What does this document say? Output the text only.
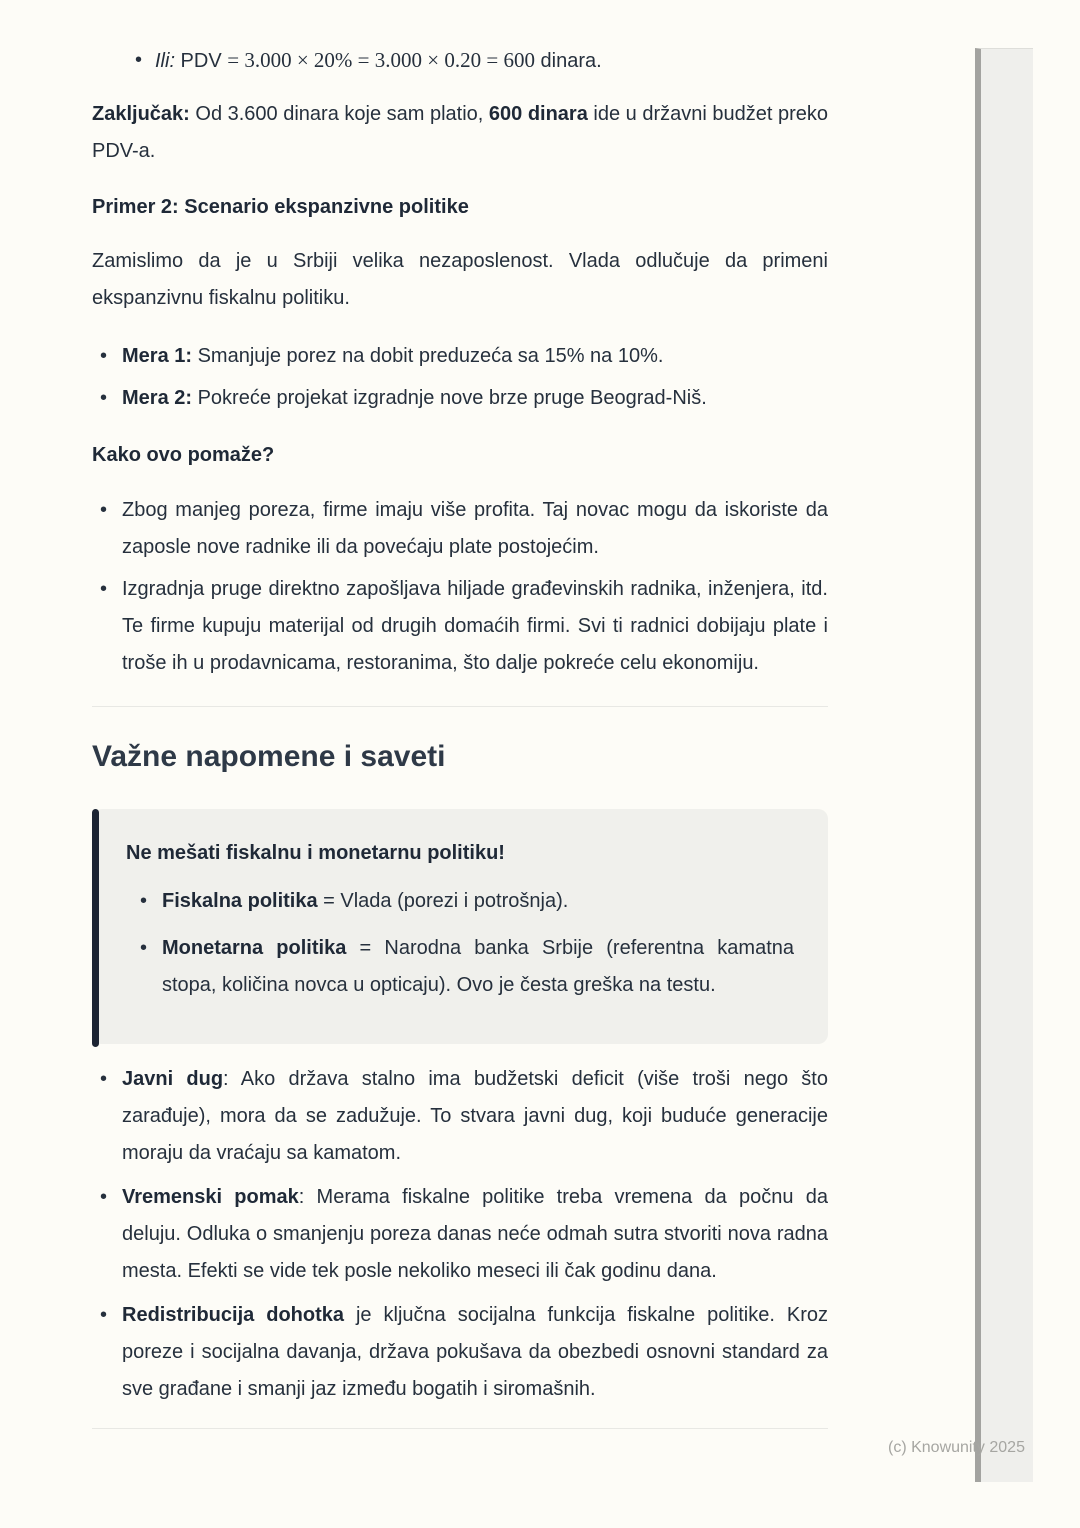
• Ili: PDV = 3.000 × 20% = 3.000 × 0.20 = 600 dinara.

Zaključak: Od 3.600 dinara koje sam platio, 600 dinara ide u državni budžet preko PDV-a.

Primer 2: Scenario ekspanzivne politike

Zamislimo da je u Srbiji velika nezaposlenost. Vlada odlučuje da primeni ekspanzivnu fiskalnu politiku.

• Mera 1: Smanjuje porez na dobit preduzeća sa 15% na 10%.
• Mera 2: Pokreće projekat izgradnje nove brze pruge Beograd-Niš.

Kako ovo pomaže?

• Zbog manjeg poreza, firme imaju više profita. Taj novac mogu da iskoriste da zaposle nove radnike ili da povećaju plate postojećim.
• Izgradnja pruge direktno zapošljava hiljade građevinskih radnika, inženjera, itd. Te firme kupuju materijal od drugih domaćih firmi. Svi ti radnici dobijaju plate i troše ih u prodavnicama, restoranima, što dalje pokreće celu ekonomiju.
Važne napomene i saveti

Ne mešati fiskalnu i monetarnu politiku!

• Fiskalna politika = Vlada (porezi i potrošnja).
• Monetarna politika = Narodna banka Srbije (referentna kamatna stopa, količina novca u opticaju). Ovo je česta greška na testu.
• Javni dug: Ako država stalno ima budžetski deficit (više troši nego što zarađuje), mora da se zadužuje. To stvara javni dug, koji buduće generacije moraju da vraćaju sa kamatom.
• Vremenski pomak: Merama fiskalne politike treba vremena da počnu da deluju. Odluka o smanjenju poreza danas neće odmah sutra stvoriti nova radna mesta. Efekti se vide tek posle nekoliko meseci ili čak godinu dana.
• Redistribucija dohotka je ključna socijalna funkcija fiskalne politike. Kroz poreze i socijalna davanja, država pokušava da obezbedi osnovni standard za sve građane i smanji jaz između bogatih i siromašnih.
(c) Knowunity 2025
